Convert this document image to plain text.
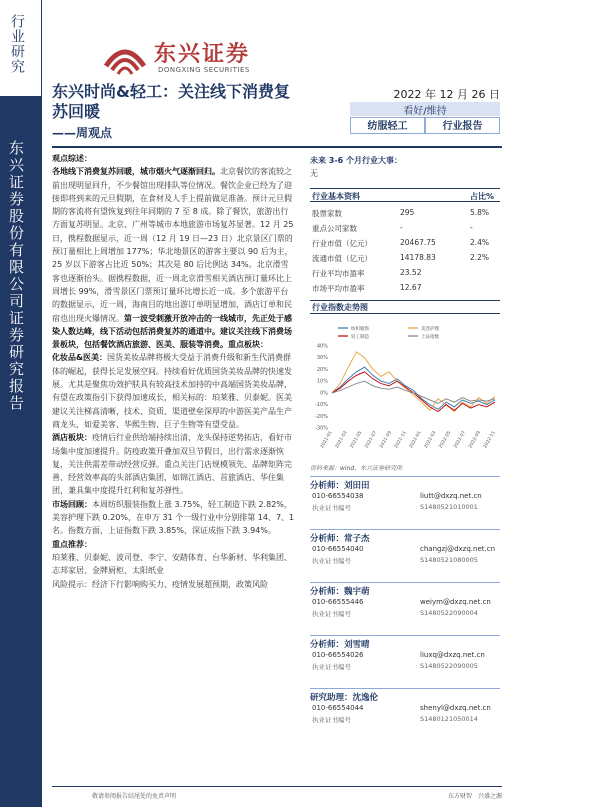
行业研究
东兴证券股份有限公司证券研究报告
东兴证券
DONGXING SECURITIES
东兴时尚&轻工：关注线下消费复苏回暖
——周观点
2022 年 12 月 26 日
看好/维持
纺服轻工	行业报告

观点综述：

各地线下消费复苏回暖，城市烟火气逐渐回归。北京餐饮的客流较之前出现明显回升，不少餐馆出现排队等位情况。餐饮企业已经为了迎接即将到来的元旦假期，在食材及人手上提前做足准备。预计元旦假期的客流将有望恢复到往年同期的 7 至 8 成。除了餐饮，旅游出行方面复苏明显。北京、广州等城市本地旅游市场复苏显著。12 月 25 日，携程数据显示，近一周（12 月 19 日—23 日）北京景区门票的预订量相比上周增加 177%；华北地景区的游客主要以 90 后为主，25 岁以下游客占比近 50%；其次是 80 后比例达 34%。北京滑雪客也逐渐抬头。据携程数据，近一周北京滑雪相关酒店预订量环比上周增长 99%，滑雪景区门票预订量环比增长近一成。多个旅游平台的数据显示，近一周，海南目的地出游订单明显增加，酒店订单和民宿也出现火爆情况。第一波受刺激开放冲击的一线城市，先正处于感染人数达峰，线下活动包括消费复苏的通道中。建议关注线下消费场景板块，包括餐饮酒店旅游、医美、服装等消费。重点板块：

化妆品&医美：国货美妆品牌将极大受益于消费升级和新生代消费群体的崛起，获得长足发展空间。持续看好优质国货美妆品牌的快速发展。尤其是聚焦功效护肤具有较高技术加持的中高端国货美妆品牌，有望在政策指引下获得加速成长，相关标的：珀莱雅、贝泰妮。医美建议关注梯高清晰，技术、资质、渠道壁垒深厚的中游医美产品生产商龙头，如爱美客、华熙生物、巨子生物等有望受益。

酒店板块：疫情后行业供给端持续出清，龙头保持逆势拓店，看好市场集中度加速提升。防疫政策开叠加双旦节假日，出行需求逐渐恢复，关注供需差带动经营反弹。重点关注门店规模领先、品牌矩阵完善、经营效率高的头部酒店集团，如锦江酒店、首旅酒店、华住集团，兼具集中度提升红利和复苏弹性。

市场回顾：本周纺织服装指数上涨 3.75%，轻工制造下跌 2.82%，美容护理下跌 0.20%，在申万 31 个一级行业中分别排第 14、7、1 名。指数方面，上证指数下跌 3.85%，深证成指下跌 3.94%。

重点推荐：

珀莱雅、贝泰妮、波司登、李宁、安踏体育、台华新材、华利集团、志邦家居、金牌厨柜、太阳纸业

风险提示：经济下行影响购买力、疫情发展超预期，政策风险

未来 3-6 个月行业大事：
无
行业基本资料	占比%
股票家数	295	5.8%
重点公司家数	-	-
行业市值（亿元）	20467.75	2.4%
流通市值（亿元）	14178.83	2.2%
行业平均市盈率	23.52
市场平均市盈率	12.67
行业指数走势图
纺织服饰	美容护理
轻工制造	上证指数
40%
30%
20%
10%
0%
-10%
-20%
-30%
2021-01 2021-03 2021-05 2021-07 2021-09 2021-11 2022-01 2022-03 2022-05 2022-07 2022-09 2022-11
资料来源：wind、东兴证券研究所
分析师：刘田田
010-66554038	liutt@dxzq.net.cn
执业证书编号	S1480521010001
分析师：常子杰
010-66554040	changzj@dxzq.net.cn
执业证书编号	S1480521080005
分析师：魏宇萌
010-66555446	weiym@dxzq.net.cn
执业证书编号	S1480522090004
分析师：刘雪晴
010-66554026	liuxq@dxzq.net.cn
执业证书编号	S1480522090005
研究助理：沈逸伦
010-66554044	shenyl@dxzq.net.cn
执业证书编号	S1480121050014
敬请参阅报告结尾处的免责声明	东方财智　兴盛之源
